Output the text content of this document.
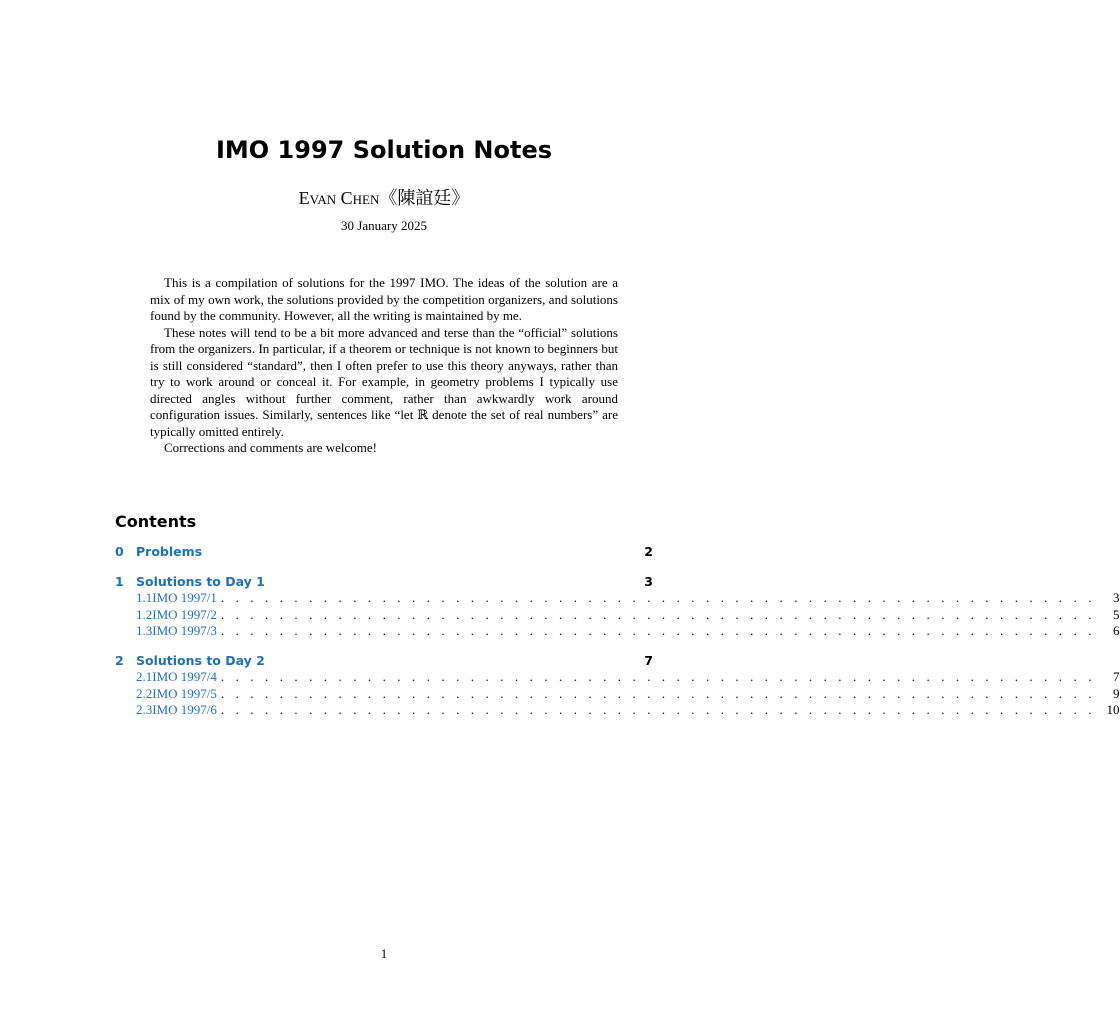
IMO 1997 Solution Notes
Evan Chen《陳誼廷》
30 January 2025

This is a compilation of solutions for the 1997 IMO. The ideas of the solution are a mix of my own work, the solutions provided by the competition organizers, and solutions found by the community. However, all the writing is maintained by me.

These notes will tend to be a bit more advanced and terse than the “official” solutions from the organizers. In particular, if a theorem or technique is not known to beginners but is still considered “standard”, then I often prefer to use this theory anyways, rather than try to work around or conceal it. For example, in geometry problems I typically use directed angles without further comment, rather than awkwardly work around configuration issues. Similarly, sentences like “let ℝ denote the set of real numbers” are typically omitted entirely.

Corrections and comments are welcome!

Contents
0 Problems	2
1 Solutions to Day 1	3
1.1 IMO 1997/1 . . . . . . . . . . . . . . . . . . . . . . . . . . . . . . . . . . . . . . . . . . . . . . . . . . . . . . . . . . . .	3
1.2 IMO 1997/2 . . . . . . . . . . . . . . . . . . . . . . . . . . . . . . . . . . . . . . . . . . . . . . . . . . . . . . . . . . . .	5
1.3 IMO 1997/3 . . . . . . . . . . . . . . . . . . . . . . . . . . . . . . . . . . . . . . . . . . . . . . . . . . . . . . . . . . . .	6
2 Solutions to Day 2	7
2.1 IMO 1997/4 . . . . . . . . . . . . . . . . . . . . . . . . . . . . . . . . . . . . . . . . . . . . . . . . . . . . . . . . . . . .	7
2.2 IMO 1997/5 . . . . . . . . . . . . . . . . . . . . . . . . . . . . . . . . . . . . . . . . . . . . . . . . . . . . . . . . . . . .	9
2.3 IMO 1997/6 . . . . . . . . . . . . . . . . . . . . . . . . . . . . . . . . . . . . . . . . . . . . . . . . . . . . . . . . . . . . 10
1
